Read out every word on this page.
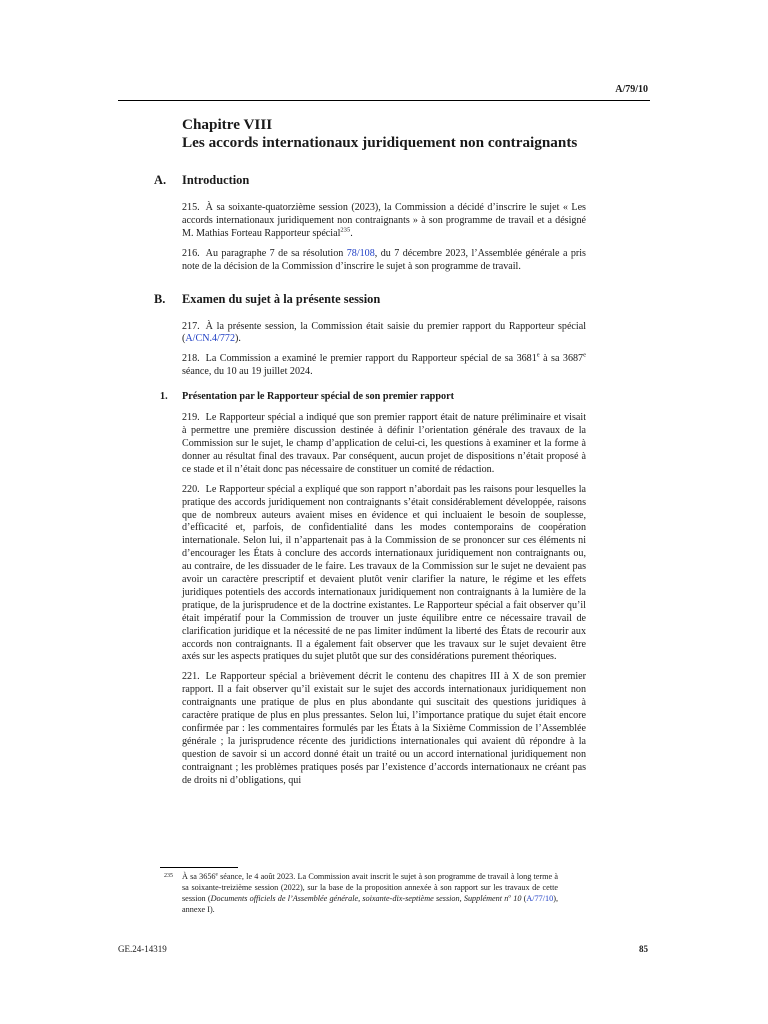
A/79/10
Chapitre VIII
Les accords internationaux juridiquement non contraignants
A. Introduction

215. À sa soixante-quatorzième session (2023), la Commission a décidé d’inscrire le sujet « Les accords internationaux juridiquement non contraignants » à son programme de travail et a désigné M. Mathias Forteau Rapporteur spécial$^{235}$.

216. Au paragraphe 7 de sa résolution 78/108, du 7 décembre 2023, l’Assemblée générale a pris note de la décision de la Commission d’inscrire le sujet à son programme de travail.

B. Examen du sujet à la présente session

217. À la présente session, la Commission était saisie du premier rapport du Rapporteur spécial (A/CN.4/772).

218. La Commission a examiné le premier rapport du Rapporteur spécial de sa 3681e à sa 3687e séance, du 10 au 19 juillet 2024.

1. Présentation par le Rapporteur spécial de son premier rapport

219. Le Rapporteur spécial a indiqué que son premier rapport était de nature préliminaire et visait à permettre une première discussion destinée à définir l’orientation générale des travaux de la Commission sur le sujet, le champ d’application de celui-ci, les questions à examiner et la forme à donner au résultat final des travaux. Par conséquent, aucun projet de dispositions n’était proposé à ce stade et il n’était donc pas nécessaire de constituer un comité de rédaction.

220. Le Rapporteur spécial a expliqué que son rapport n’abordait pas les raisons pour lesquelles la pratique des accords juridiquement non contraignants s’était considérablement développée, raisons que de nombreux auteurs avaient mises en évidence et qui incluaient le besoin de souplesse, d’efficacité et, parfois, de confidentialité dans les modes contemporains de coopération internationale. Selon lui, il n’appartenait pas à la Commission de se prononcer sur ces éléments ni d’encourager les États à conclure des accords internationaux juridiquement non contraignants ou, au contraire, de les dissuader de le faire. Les travaux de la Commission sur le sujet ne devaient pas avoir un caractère prescriptif et devaient plutôt venir clarifier la nature, le régime et les effets juridiques potentiels des accords internationaux juridiquement non contraignants à la lumière de la pratique, de la jurisprudence et de la doctrine existantes. Le Rapporteur spécial a fait observer qu’il était impératif pour la Commission de trouver un juste équilibre entre ce nécessaire travail de clarification juridique et la nécessité de ne pas limiter indûment la liberté des États de recourir aux accords non contraignants. Il a également fait observer que les travaux sur le sujet devaient être axés sur les aspects pratiques du sujet plutôt que sur des considérations purement théoriques.

221. Le Rapporteur spécial a brièvement décrit le contenu des chapitres III à X de son premier rapport. Il a fait observer qu’il existait sur le sujet des accords internationaux juridiquement non contraignants une pratique de plus en plus abondante qui suscitait des questions juridiques à caractère pratique de plus en plus pressantes. Selon lui, l’importance pratique du sujet était encore confirmée par : les commentaires formulés par les États à la Sixième Commission de l’Assemblée générale ; la jurisprudence récente des juridictions internationales qui avaient dû répondre à la question de savoir si un accord donné était un traité ou un accord international juridiquement non contraignant ; les problèmes pratiques posés par l’existence d’accords internationaux ne créant pas de droits ni d’obligations, qui

235 À sa 3656e séance, le 4 août 2023. La Commission avait inscrit le sujet à son programme de travail à long terme à sa soixante-treizième session (2022), sur la base de la proposition annexée à son rapport sur les travaux de cette session (Documents officiels de l’Assemblée générale, soixante-dix-septième session, Supplément $n^o$ 10 (A/77/10), annexe I).
GE.24-14319	85
